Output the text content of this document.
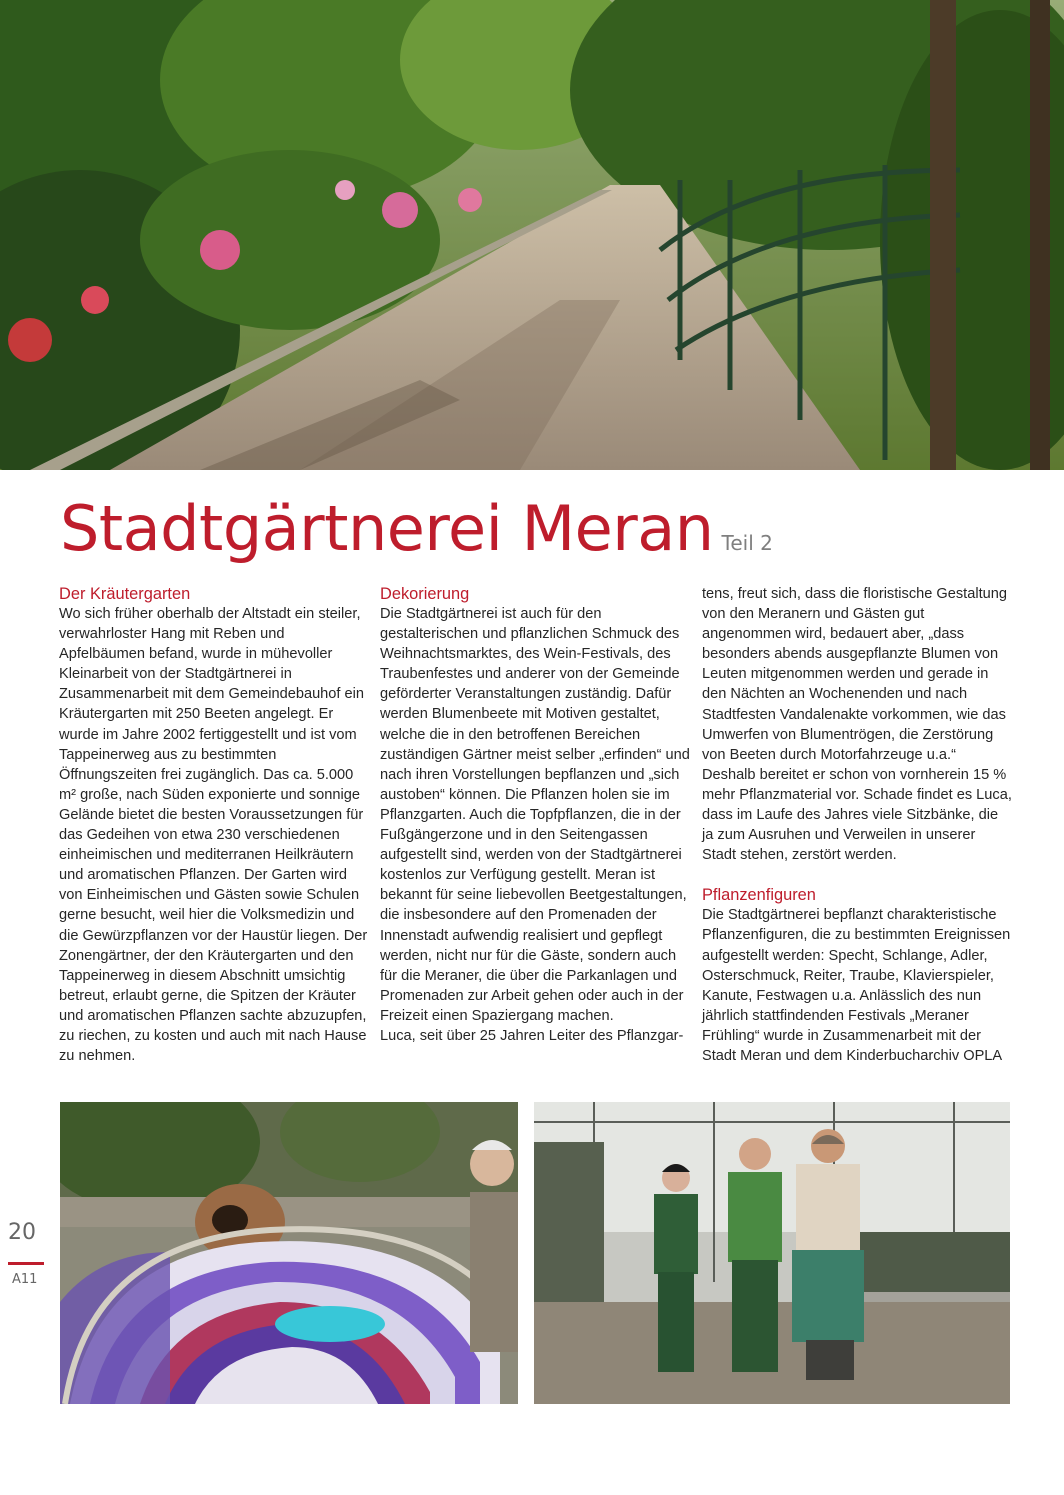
Stadtgärtnerei Meran Teil 2
Der Kräutergarten

Wo sich früher oberhalb der Altstadt ein steiler, verwahrloster Hang mit Reben und Apfelbäumen befand, wurde in mühevoller Kleinarbeit von der Stadtgärtnerei in Zusammenarbeit mit dem Gemeindebauhof ein Kräutergarten mit 250 Beeten angelegt. Er wurde im Jahre 2002 fertiggestellt und ist vom Tappeinerweg aus zu bestimmten Öffnungszeiten frei zugänglich. Das ca. 5.000 m² große, nach Süden exponierte und sonnige Gelände bietet die besten Voraussetzungen für das Gedeihen von etwa 230 verschiedenen einheimischen und mediterranen Heilkräutern und aromatischen Pflanzen. Der Garten wird von Einheimischen und Gästen sowie Schulen gerne besucht, weil hier die Volksmedizin und die Gewürzpflanzen vor der Haustür liegen. Der Zonengärtner, der den Kräutergarten und den Tappeinerweg in diesem Abschnitt umsichtig betreut, erlaubt gerne, die Spitzen der Kräuter und aromatischen Pflanzen sachte abzuzupfen, zu riechen, zu kosten und auch mit nach Hause zu nehmen.

Dekorierung

Die Stadtgärtnerei ist auch für den gestalterischen und pflanzlichen Schmuck des Weihnachtsmarktes, des Wein-Festivals, des Traubenfestes und anderer von der Gemeinde geförderter Veranstaltungen zuständig. Dafür werden Blumenbeete mit Motiven gestaltet, welche die in den betroffenen Bereichen zuständigen Gärtner meist selber „erfinden“ und nach ihren Vorstellungen bepflanzen und „sich austoben“ können. Die Pflanzen holen sie im Pflanzgarten. Auch die Topfpflanzen, die in der Fußgängerzone und in den Seitengassen aufgestellt sind, werden von der Stadtgärtnerei kostenlos zur Verfügung gestellt. Meran ist bekannt für seine liebevollen Beetgestaltungen, die insbesondere auf den Promenaden der Innenstadt aufwendig realisiert und gepflegt werden, nicht nur für die Gäste, sondern auch für die Meraner, die über die Parkanlagen und Promenaden zur Arbeit gehen oder auch in der Freizeit einen Spaziergang machen.

Luca, seit über 25 Jahren Leiter des Pflanzgar-

tens, freut sich, dass die floristische Gestaltung von den Meranern und Gästen gut angenommen wird, bedauert aber, „dass besonders abends ausgepflanzte Blumen von Leuten mitgenommen werden und gerade in den Nächten an Wochenenden und nach Stadtfesten Vandalenakte vorkommen, wie das Umwerfen von Blumentrögen, die Zerstörung von Beeten durch Motorfahrzeuge u.a.“ Deshalb bereitet er schon von vornherein 15 % mehr Pflanzmaterial vor. Schade findet es Luca, dass im Laufe des Jahres viele Sitzbänke, die ja zum Ausruhen und Verweilen in unserer Stadt stehen, zerstört werden.

Pflanzenfiguren

Die Stadtgärtnerei bepflanzt charakteristische Pflanzenfiguren, die zu bestimmten Ereignissen aufgestellt werden: Specht, Schlange, Adler, Osterschmuck, Reiter, Traube, Klavierspieler, Kanute, Festwagen u.a. Anlässlich des nun jährlich stattfindenden Festivals „Meraner Frühling“ wurde in Zusammenarbeit mit der Stadt Meran und dem Kinderbucharchiv OPLA

20
A11
